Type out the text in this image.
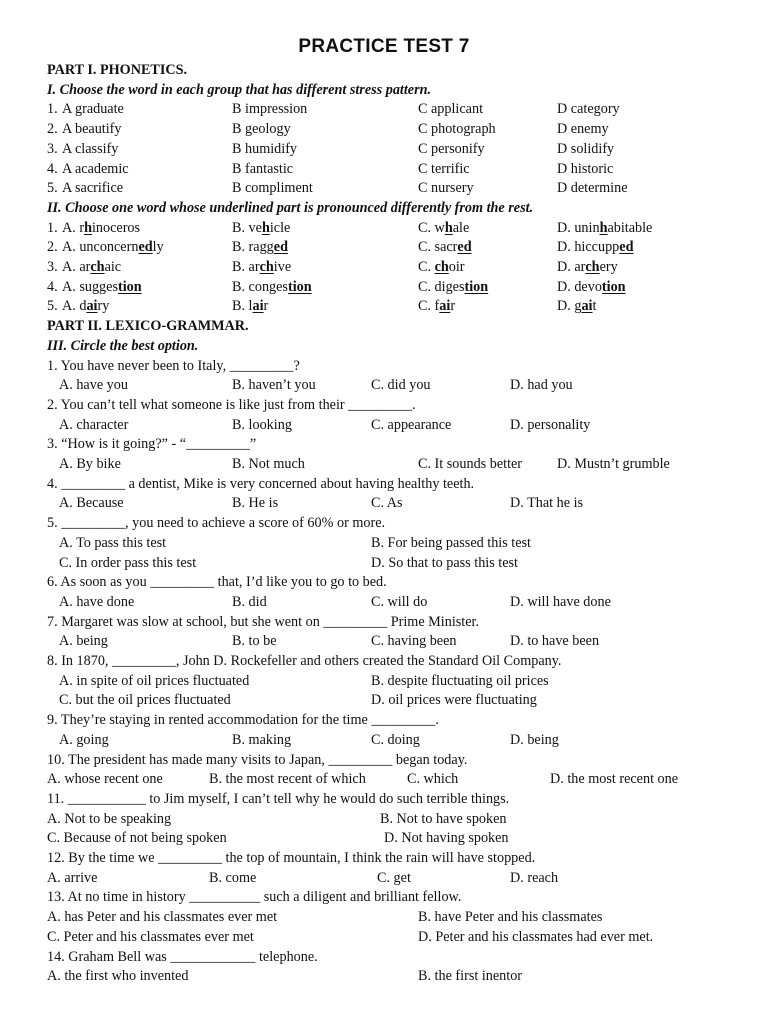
PRACTICE TEST 7
PART I. PHONETICS.
I. Choose the word in each group that has different stress pattern.
1. A graduate	B impression	C applicant	D category
2. A beautify	B geology	C photograph	D enemy
3. A classify	B humidify	C personify	D solidify
4. A academic	B fantastic	C terrific	D historic
5. A sacrifice	B compliment	C nursery	D determine
II. Choose one word whose underlined part is pronounced differently from the rest.
1. A. rhinoceros	B. vehicle	C. whale	D. uninhabitable
2. A. unconcernedly	B. ragged	C. sacred	D. hiccupped
3. A. archaic	B. archive	C. choir	D. archery
4. A. suggestion	B. congestion	C. digestion	D. devotion
5. A. dairy	B. lair	C. fair	D. gait
PART II. LEXICO-GRAMMAR.
III. Circle the best option.
1. You have never been to Italy, _________?
A. have you	B. haven’t you	C. did you	D. had you
2. You can’t tell what someone is like just from their _________.
A. character	B. looking	C. appearance	D. personality
3. “How is it going?” - “_________”
A. By bike	B. Not much	C. It sounds better D. Mustn’t grumble
4. _________ a dentist, Mike is very concerned about having healthy teeth.
A. Because	B. He is	C. As	D. That he is
5. _________, you need to achieve a score of 60% or more.
A. To pass this test	B. For being passed this test
C. In order pass this test	D. So that to pass this test
6. As soon as you _________ that, I’d like you to go to bed.
A. have done	B. did	C. will do	D. will have done
7. Margaret was slow at school, but she went on _________ Prime Minister.
A. being	B. to be	C. having been	D. to have been
8. In 1870, _________, John D. Rockefeller and others created the Standard Oil Company.
A. in spite of oil prices fluctuated	B. despite fluctuating oil prices
C. but the oil prices fluctuated	D. oil prices were fluctuating
9. They’re staying in rented accommodation for the time _________.
A. going	B. making	C. doing	D. being
10. The president has made many visits to Japan, _________ began today.
A. whose recent one	B. the most recent of which	C. which	D. the most recent one
11. ___________ to Jim myself, I can’t tell why he would do such terrible things.
A. Not to be speaking	B. Not to have spoken
C. Because of not being spoken	D. Not having spoken
12. By the time we _________ the top of mountain, I think the rain will have stopped.
A. arrive	B. come	C. get	D. reach
13. At no time in history __________ such a diligent and brilliant fellow.
A. has Peter and his classmates ever met	B. have Peter and his classmates
C. Peter and his classmates ever met	D. Peter and his classmates had ever met.
14. Graham Bell was ____________ telephone.
A. the first who invented	B. the first inentor
